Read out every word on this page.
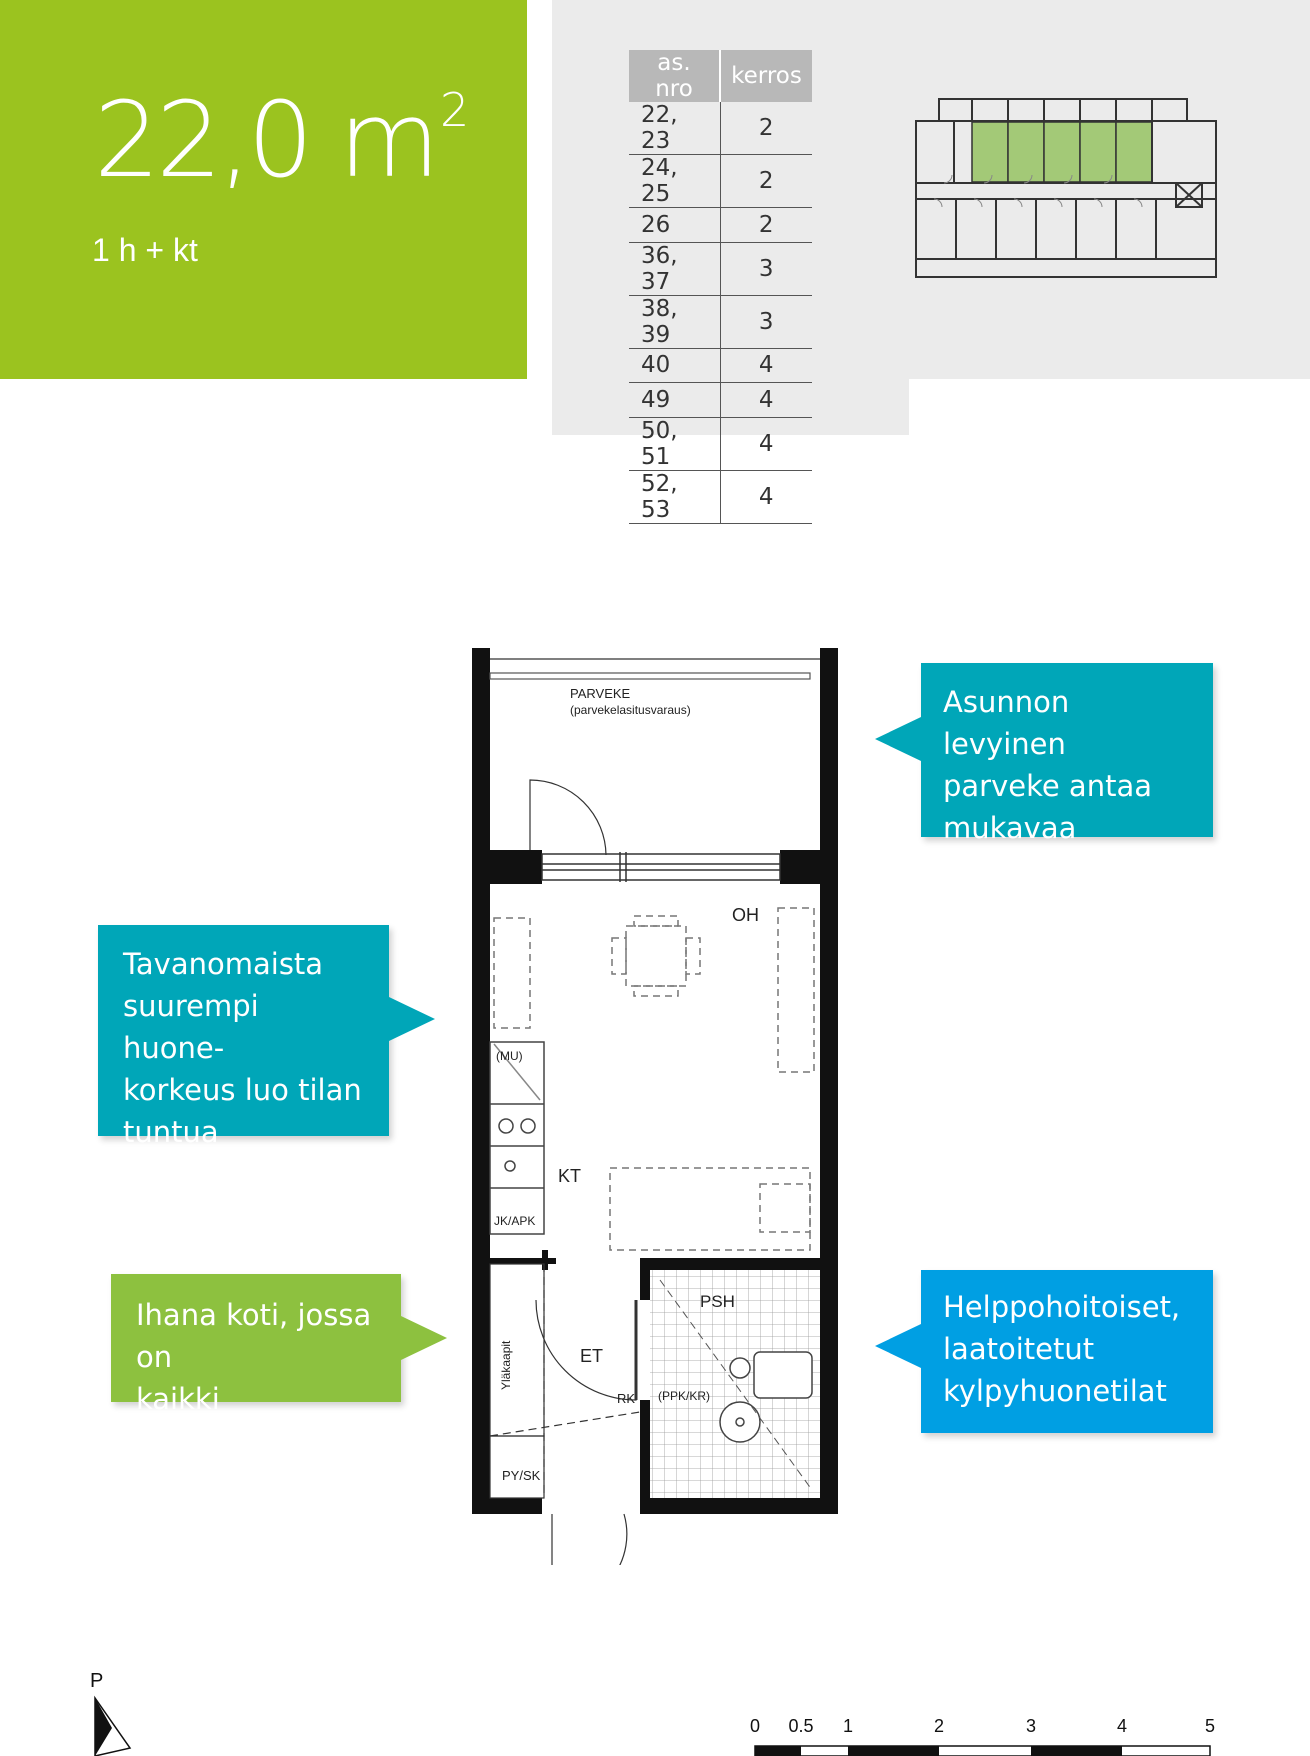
22,0 $m^2$
1 h + kt
as. nro	kerros
22, 23	2
24, 25	2
26	2
36, 37	3
38, 39	3
40	4
49	4
50, 51	4
52, 53	4
Asunnon levyinen
parveke antaa
mukavaa lisätilaa
Tavanomaista
suurempi huone-
korkeus luo tilan
tuntua
Ihana koti, jossa on
kaikki tarpeellinen
Helppohoitoiset,
laatoitetut
kylpyhuonetilat
PARVEKE
(parvekelasitusvaraus)
OH
(MU)
JK/APK
KT
PSH
(PPK/KR)
ET
RK
PY/SK
Yläkaapit
P
0 0.5 1	2	3	4	5
